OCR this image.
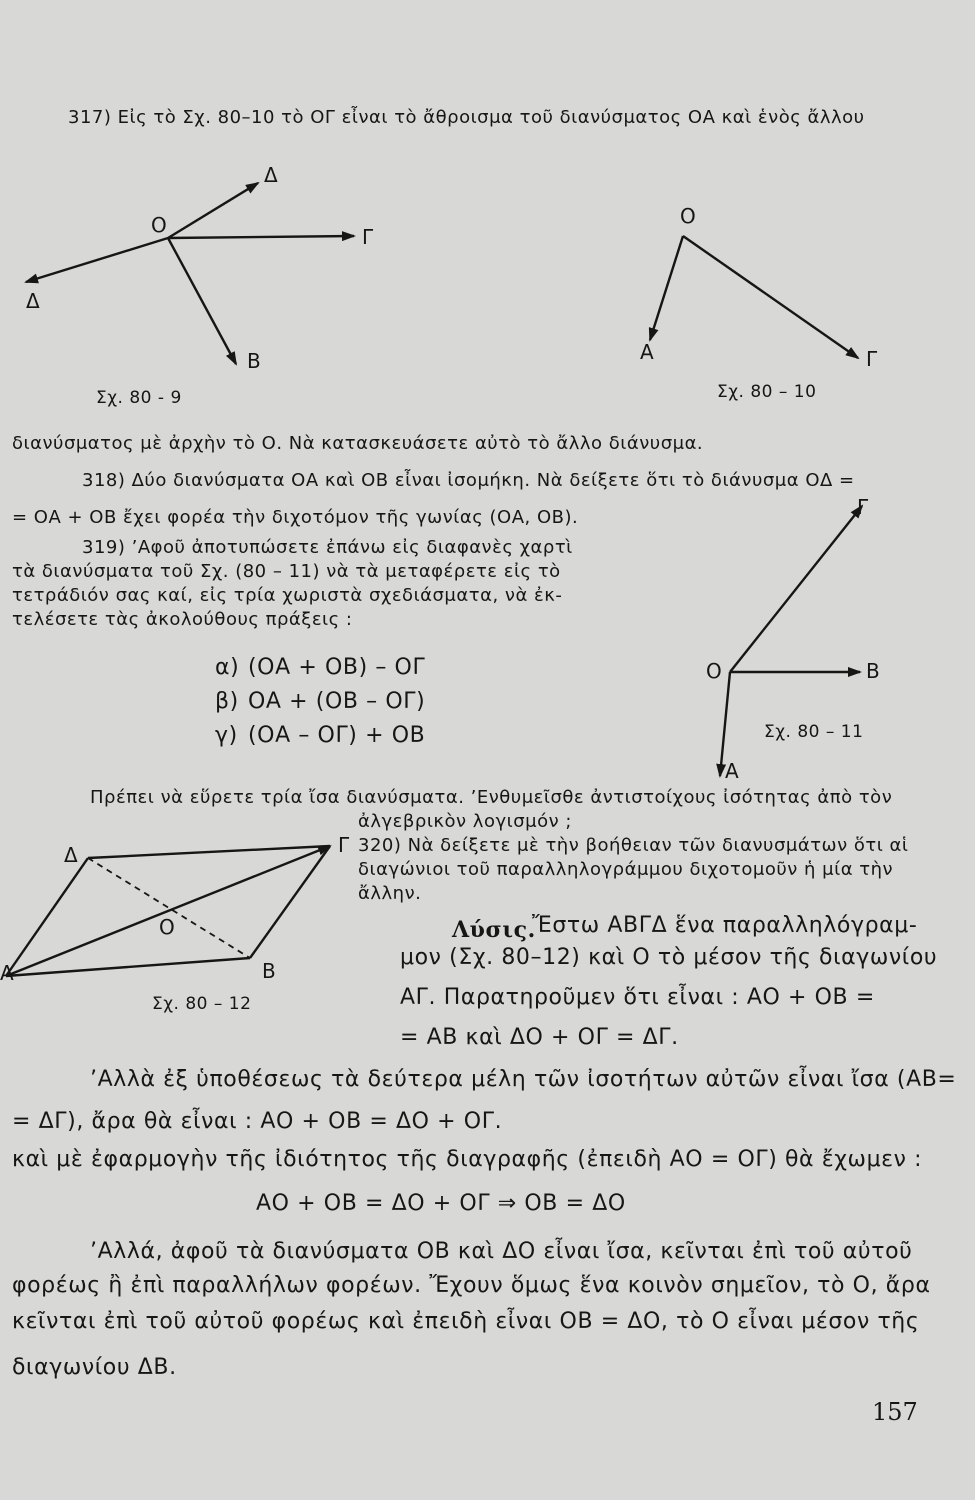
317) Εἰς τὸ Σχ. 80–10 τὸ ΟΓ εἶναι τὸ ἄθροισμα τοῦ διανύσματος ΟΑ καὶ ἑνὸς ἄλλου
Ο
Δ
Γ
Δ
Β
Σχ. 80 - 9
Ο
Α	Γ
Σχ. 80 – 10
διανύσματος μὲ ἀρχὴν τὸ Ο. Νὰ κατασκευάσετε αὐτὸ τὸ ἄλλο διάνυσμα.
318) Δύο διανύσματα ΟΑ καὶ ΟΒ εἶναι ἰσομήκη. Νὰ δείξετε ὅτι τὸ διάνυσμα ΟΔ =
= ΟΑ + ΟΒ ἔχει φορέα τὴν διχοτόμον τῆς γωνίας (ΟΑ, ΟΒ).
319) ’Αφοῦ ἀποτυπώσετε ἐπάνω εἰς διαφανὲς χαρτὶ
τὰ διανύσματα τοῦ Σχ. (80 – 11) νὰ τὰ μεταφέρετε εἰς τὸ
τετράδιόν σας καί, εἰς τρία χωριστὰ σχεδιάσματα, νὰ ἐκ-
τελέσετε τὰς ἀκολούθους πράξεις :
α) (ΟΑ + ΟΒ) – ΟΓ
β) ΟΑ + (ΟΒ – ΟΓ)
γ) (ΟΑ – ΟΓ) + ΟΒ
Γ
Ο	Β
Σχ. 80 – 11
Α
Πρέπει νὰ εὕρετε τρία ἴσα διανύσματα. ’Ενθυμεῖσθε ἀντιστοίχους ἰσότητας ἀπὸ τὸν
ἀλγεβρικὸν λογισμόν ;
320) Νὰ δείξετε μὲ τὴν βοήθειαν τῶν διανυσμάτων ὅτι αἱ
διαγώνιοι τοῦ παραλληλογράμμου διχοτομοῦν ἡ μία τὴν
ἄλλην.
Δ	Γ
Ο
Α	Β
Σχ. 80 – 12
Λύσις.
Ἔστω ΑΒΓΔ ἕνα παραλληλόγραμ-
μον (Σχ. 80–12) καὶ Ο τὸ μέσον τῆς διαγωνίου
ΑΓ. Παρατηροῦμεν ὅτι εἶναι : ΑΟ + ΟΒ =
= ΑΒ καὶ ΔΟ + ΟΓ = ΔΓ.
’Αλλὰ ἐξ ὑποθέσεως τὰ δεύτερα μέλη τῶν ἰσοτήτων αὐτῶν εἶναι ἴσα (ΑΒ=
= ΔΓ), ἄρα θὰ εἶναι : ΑΟ + ΟΒ = ΔΟ + ΟΓ.
καὶ μὲ ἐφαρμογὴν τῆς ἰδιότητος τῆς διαγραφῆς (ἐπειδὴ ΑΟ = ΟΓ) θὰ ἔχωμεν :
ΑΟ + ΟΒ = ΔΟ + ΟΓ ⇒ ΟΒ = ΔΟ
’Αλλά, ἀφοῦ τὰ διανύσματα ΟΒ καὶ ΔΟ εἶναι ἴσα, κεῖνται ἐπὶ τοῦ αὐτοῦ
φορέως ἢ ἐπὶ παραλλήλων φορέων. Ἔχουν ὅμως ἕνα κοινὸν σημεῖον, τὸ Ο, ἄρα
κεῖνται ἐπὶ τοῦ αὐτοῦ φορέως καὶ ἐπειδὴ εἶναι ΟΒ = ΔΟ, τὸ Ο εἶναι μέσον τῆς
διαγωνίου ΔΒ.
157
